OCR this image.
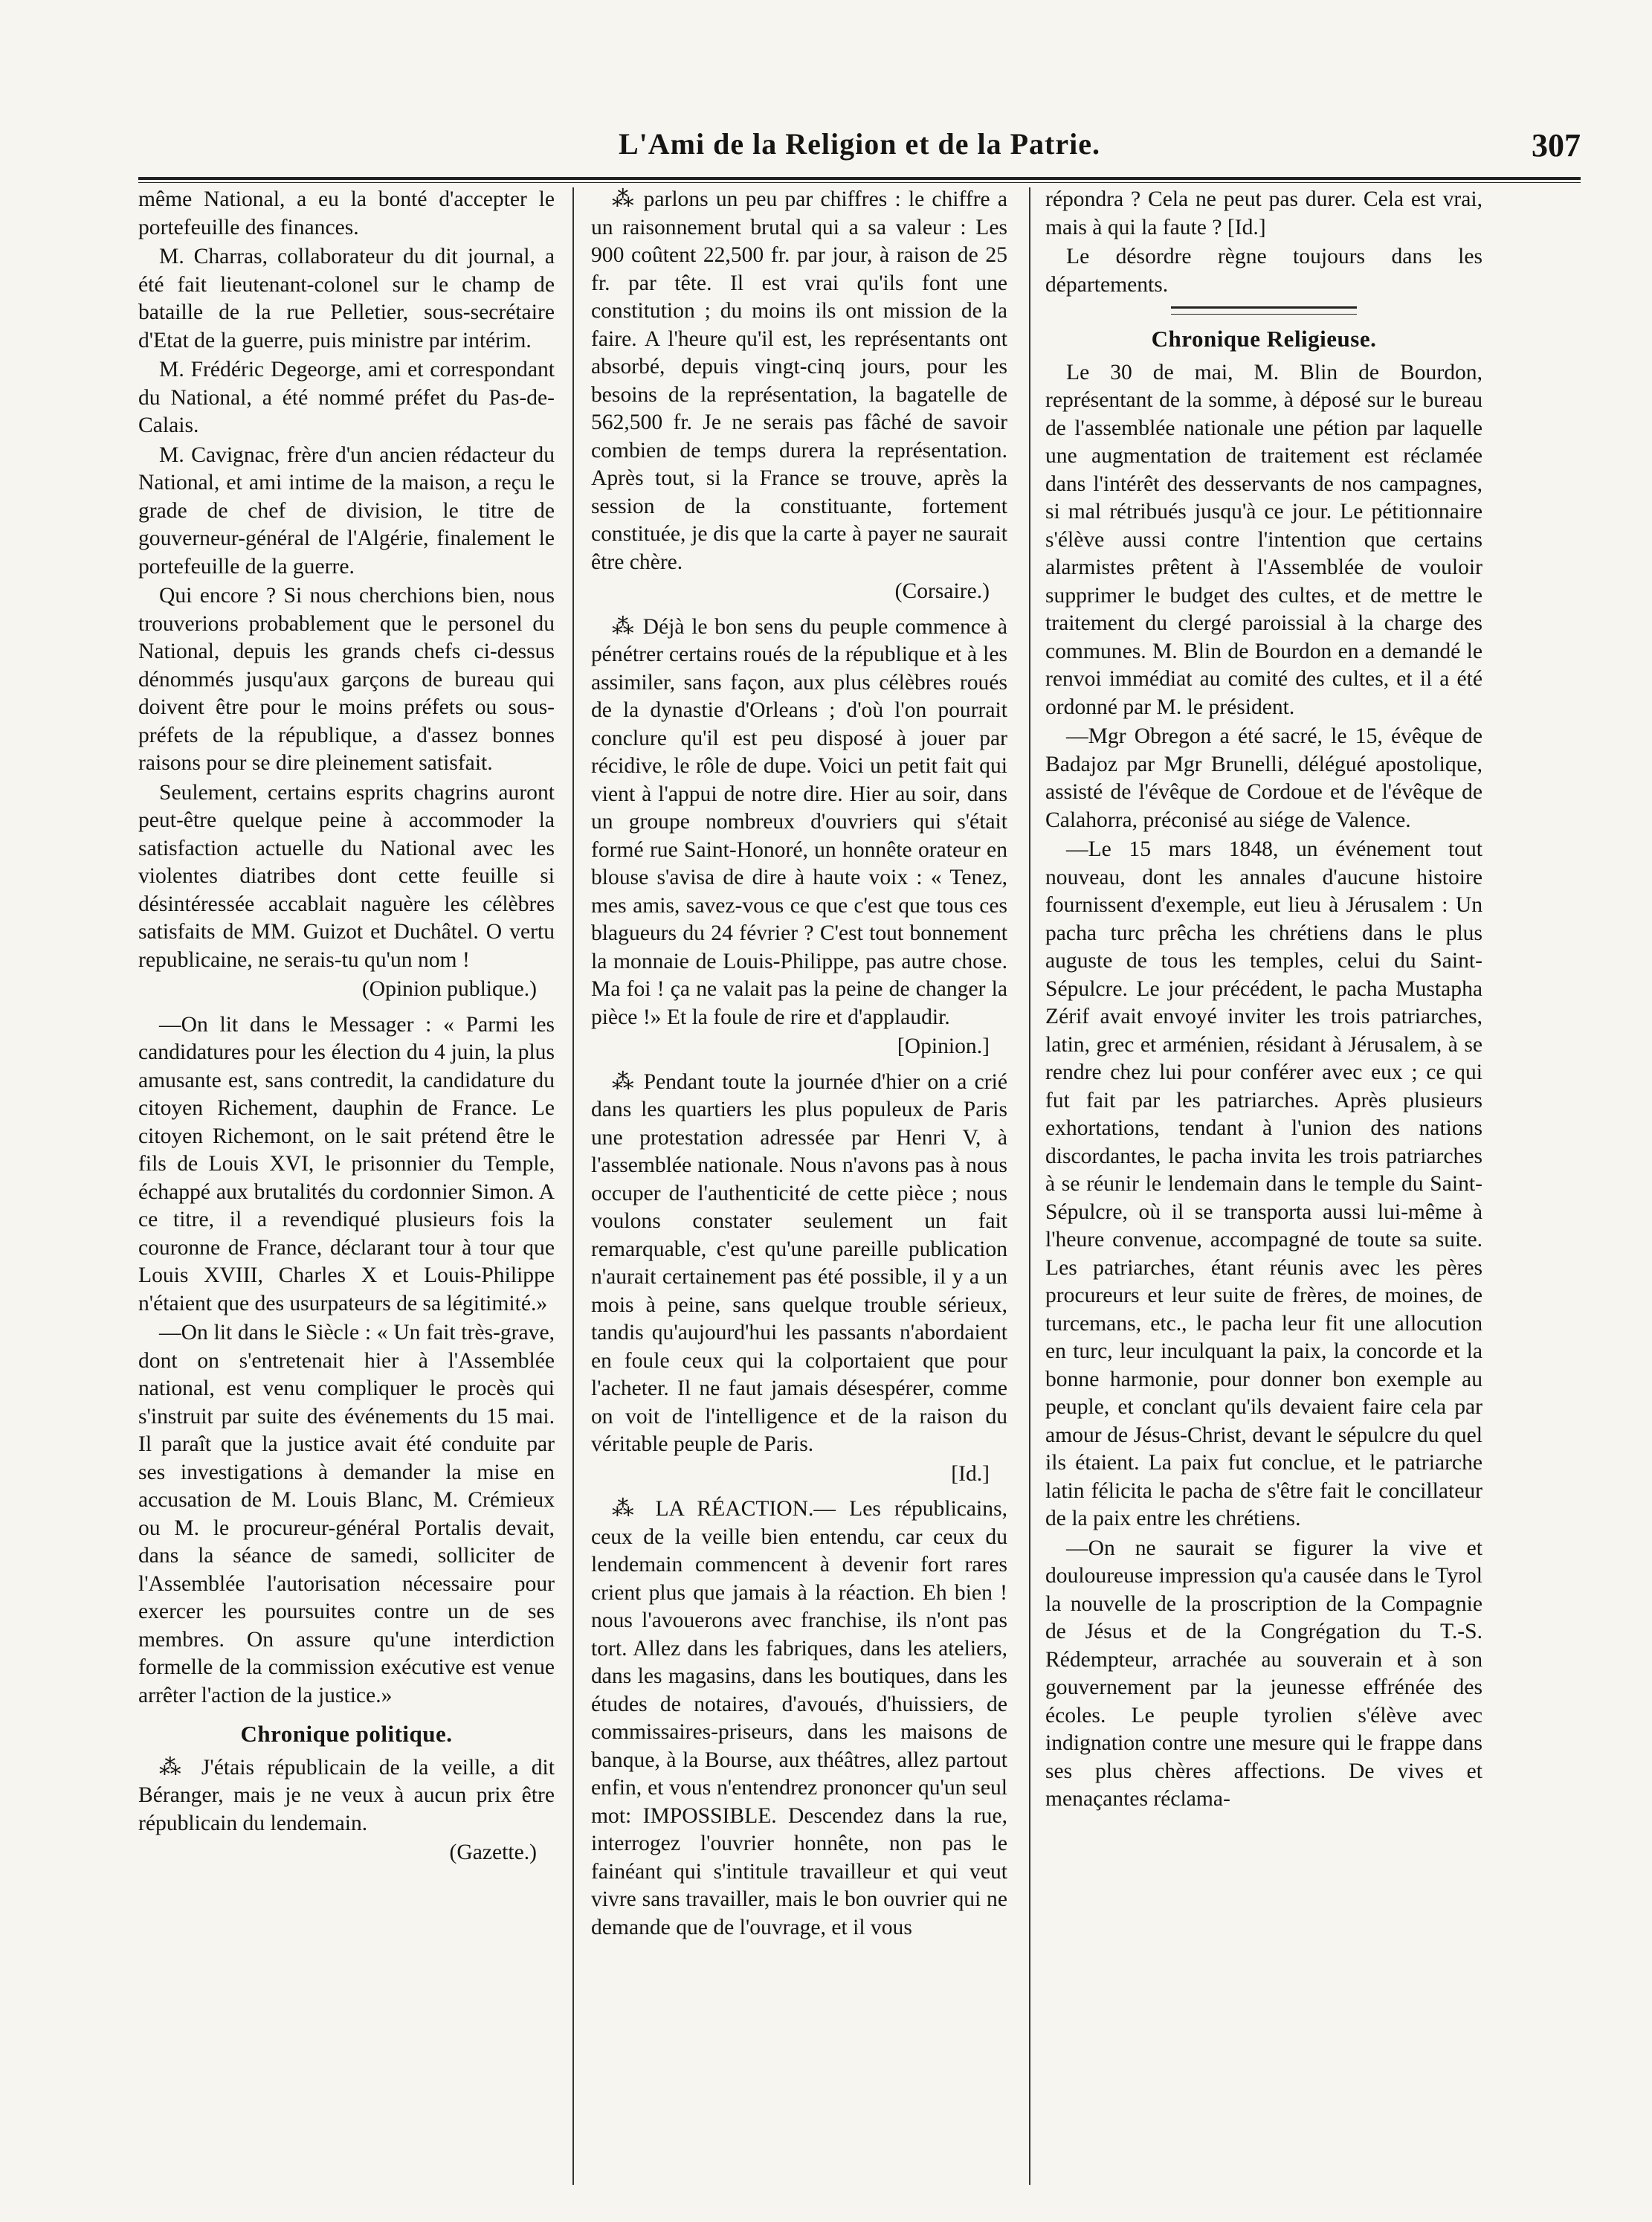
L'Ami de la Religion et de la Patrie.	307

même National, a eu la bonté d'accepter le portefeuille des finances.

M. Charras, collaborateur du dit journal, a été fait lieutenant-colonel sur le champ de bataille de la rue Pelletier, sous-secrétaire d'Etat de la guerre, puis ministre par intérim.

M. Frédéric Degeorge, ami et correspondant du National, a été nommé préfet du Pas-de-Calais.

M. Cavignac, frère d'un ancien rédacteur du National, et ami intime de la maison, a reçu le grade de chef de division, le titre de gouverneur-général de l'Algérie, finalement le portefeuille de la guerre.

Qui encore ? Si nous cherchions bien, nous trouverions probablement que le personel du National, depuis les grands chefs ci-dessus dénommés jusqu'aux garçons de bureau qui doivent être pour le moins préfets ou sous-préfets de la république, a d'assez bonnes raisons pour se dire pleinement satisfait.

Seulement, certains esprits chagrins auront peut-être quelque peine à accommoder la satisfaction actuelle du National avec les violentes diatribes dont cette feuille si désintéressée accablait naguère les célèbres satisfaits de MM. Guizot et Duchâtel. O vertu republicaine, ne serais-tu qu'un nom !

(Opinion publique.)

—On lit dans le Messager : « Parmi les candidatures pour les élection du 4 juin, la plus amusante est, sans contredit, la candidature du citoyen Richement, dauphin de France. Le citoyen Richemont, on le sait prétend être le fils de Louis XVI, le prisonnier du Temple, échappé aux brutalités du cordonnier Simon. A ce titre, il a revendiqué plusieurs fois la couronne de France, déclarant tour à tour que Louis XVIII, Charles X et Louis-Philippe n'étaient que des usurpateurs de sa légitimité.»

—On lit dans le Siècle : « Un fait très-grave, dont on s'entretenait hier à l'Assemblée national, est venu compliquer le procès qui s'instruit par suite des événements du 15 mai. Il paraît que la justice avait été conduite par ses investigations à demander la mise en accusation de M. Louis Blanc, M. Crémieux ou M. le procureur-général Portalis devait, dans la séance de samedi, solliciter de l'Assemblée l'autorisation nécessaire pour exercer les poursuites contre un de ses membres. On assure qu'une interdiction formelle de la commission exécutive est venue arrêter l'action de la justice.»

Chronique politique.

⁂ J'étais républicain de la veille, a dit Béranger, mais je ne veux à aucun prix être républicain du lendemain.

(Gazette.)

⁂ parlons un peu par chiffres : le chiffre a un raisonnement brutal qui a sa valeur : Les 900 coûtent 22,500 fr. par jour, à raison de 25 fr. par tête. Il est vrai qu'ils font une constitution ; du moins ils ont mission de la faire. A l'heure qu'il est, les représentants ont absorbé, depuis vingt-cinq jours, pour les besoins de la représentation, la bagatelle de 562,500 fr. Je ne serais pas fâché de savoir combien de temps durera la représentation. Après tout, si la France se trouve, après la session de la constituante, fortement constituée, je dis que la carte à payer ne saurait être chère.

(Corsaire.)

⁂ Déjà le bon sens du peuple commence à pénétrer certains roués de la république et à les assimiler, sans façon, aux plus célèbres roués de la dynastie d'Orleans ; d'où l'on pourrait conclure qu'il est peu disposé à jouer par récidive, le rôle de dupe. Voici un petit fait qui vient à l'appui de notre dire. Hier au soir, dans un groupe nombreux d'ouvriers qui s'était formé rue Saint-Honoré, un honnête orateur en blouse s'avisa de dire à haute voix : « Tenez, mes amis, savez-vous ce que c'est que tous ces blagueurs du 24 février ? C'est tout bonnement la monnaie de Louis-Philippe, pas autre chose. Ma foi ! ça ne valait pas la peine de changer la pièce !» Et la foule de rire et d'applaudir.

[Opinion.]

⁂ Pendant toute la journée d'hier on a crié dans les quartiers les plus populeux de Paris une protestation adressée par Henri V, à l'assemblée nationale. Nous n'avons pas à nous occuper de l'authenticité de cette pièce ; nous voulons constater seulement un fait remarquable, c'est qu'une pareille publication n'aurait certainement pas été possible, il y a un mois à peine, sans quelque trouble sérieux, tandis qu'aujourd'hui les passants n'abordaient en foule ceux qui la colportaient que pour l'acheter. Il ne faut jamais désespérer, comme on voit de l'intelligence et de la raison du véritable peuple de Paris.

[Id.]

⁂ LA RÉACTION.— Les républicains, ceux de la veille bien entendu, car ceux du lendemain commencent à devenir fort rares crient plus que jamais à la réaction. Eh bien ! nous l'avouerons avec franchise, ils n'ont pas tort. Allez dans les fabriques, dans les ateliers, dans les magasins, dans les boutiques, dans les études de notaires, d'avoués, d'huissiers, de commissaires-priseurs, dans les maisons de banque, à la Bourse, aux théâtres, allez partout enfin, et vous n'entendrez prononcer qu'un seul mot: IMPOSSIBLE. Descendez dans la rue, interrogez l'ouvrier honnête, non pas le fainéant qui s'intitule travailleur et qui veut vivre sans travailler, mais le bon ouvrier qui ne demande que de l'ouvrage, et il vous

répondra ? Cela ne peut pas durer. Cela est vrai, mais à qui la faute ? [Id.]

Le désordre règne toujours dans les départements.

Chronique Religieuse.

Le 30 de mai, M. Blin de Bourdon, représentant de la somme, à déposé sur le bureau de l'assemblée nationale une pétion par laquelle une augmentation de traitement est réclamée dans l'intérêt des desservants de nos campagnes, si mal rétribués jusqu'à ce jour. Le pétitionnaire s'élève aussi contre l'intention que certains alarmistes prêtent à l'Assemblée de vouloir supprimer le budget des cultes, et de mettre le traitement du clergé paroissial à la charge des communes. M. Blin de Bourdon en a demandé le renvoi immédiat au comité des cultes, et il a été ordonné par M. le président.

—Mgr Obregon a été sacré, le 15, évêque de Badajoz par Mgr Brunelli, délégué apostolique, assisté de l'évêque de Cordoue et de l'évêque de Calahorra, préconisé au siége de Valence.

—Le 15 mars 1848, un événement tout nouveau, dont les annales d'aucune histoire fournissent d'exemple, eut lieu à Jérusalem : Un pacha turc prêcha les chrétiens dans le plus auguste de tous les temples, celui du Saint-Sépulcre. Le jour précédent, le pacha Mustapha Zérif avait envoyé inviter les trois patriarches, latin, grec et arménien, résidant à Jérusalem, à se rendre chez lui pour conférer avec eux ; ce qui fut fait par les patriarches. Après plusieurs exhortations, tendant à l'union des nations discordantes, le pacha invita les trois patriarches à se réunir le lendemain dans le temple du Saint-Sépulcre, où il se transporta aussi lui-même à l'heure convenue, accompagné de toute sa suite. Les patriarches, étant réunis avec les pères procureurs et leur suite de frères, de moines, de turcemans, etc., le pacha leur fit une allocution en turc, leur inculquant la paix, la concorde et la bonne harmonie, pour donner bon exemple au peuple, et conclant qu'ils devaient faire cela par amour de Jésus-Christ, devant le sépulcre du quel ils étaient. La paix fut conclue, et le patriarche latin félicita le pacha de s'être fait le concillateur de la paix entre les chrétiens.

—On ne saurait se figurer la vive et douloureuse impression qu'a causée dans le Tyrol la nouvelle de la proscription de la Compagnie de Jésus et de la Congrégation du T.-S. Rédempteur, arrachée au souverain et à son gouvernement par la jeunesse effrénée des écoles. Le peuple tyrolien s'élève avec indignation contre une mesure qui le frappe dans ses plus chères affections. De vives et menaçantes réclama-
